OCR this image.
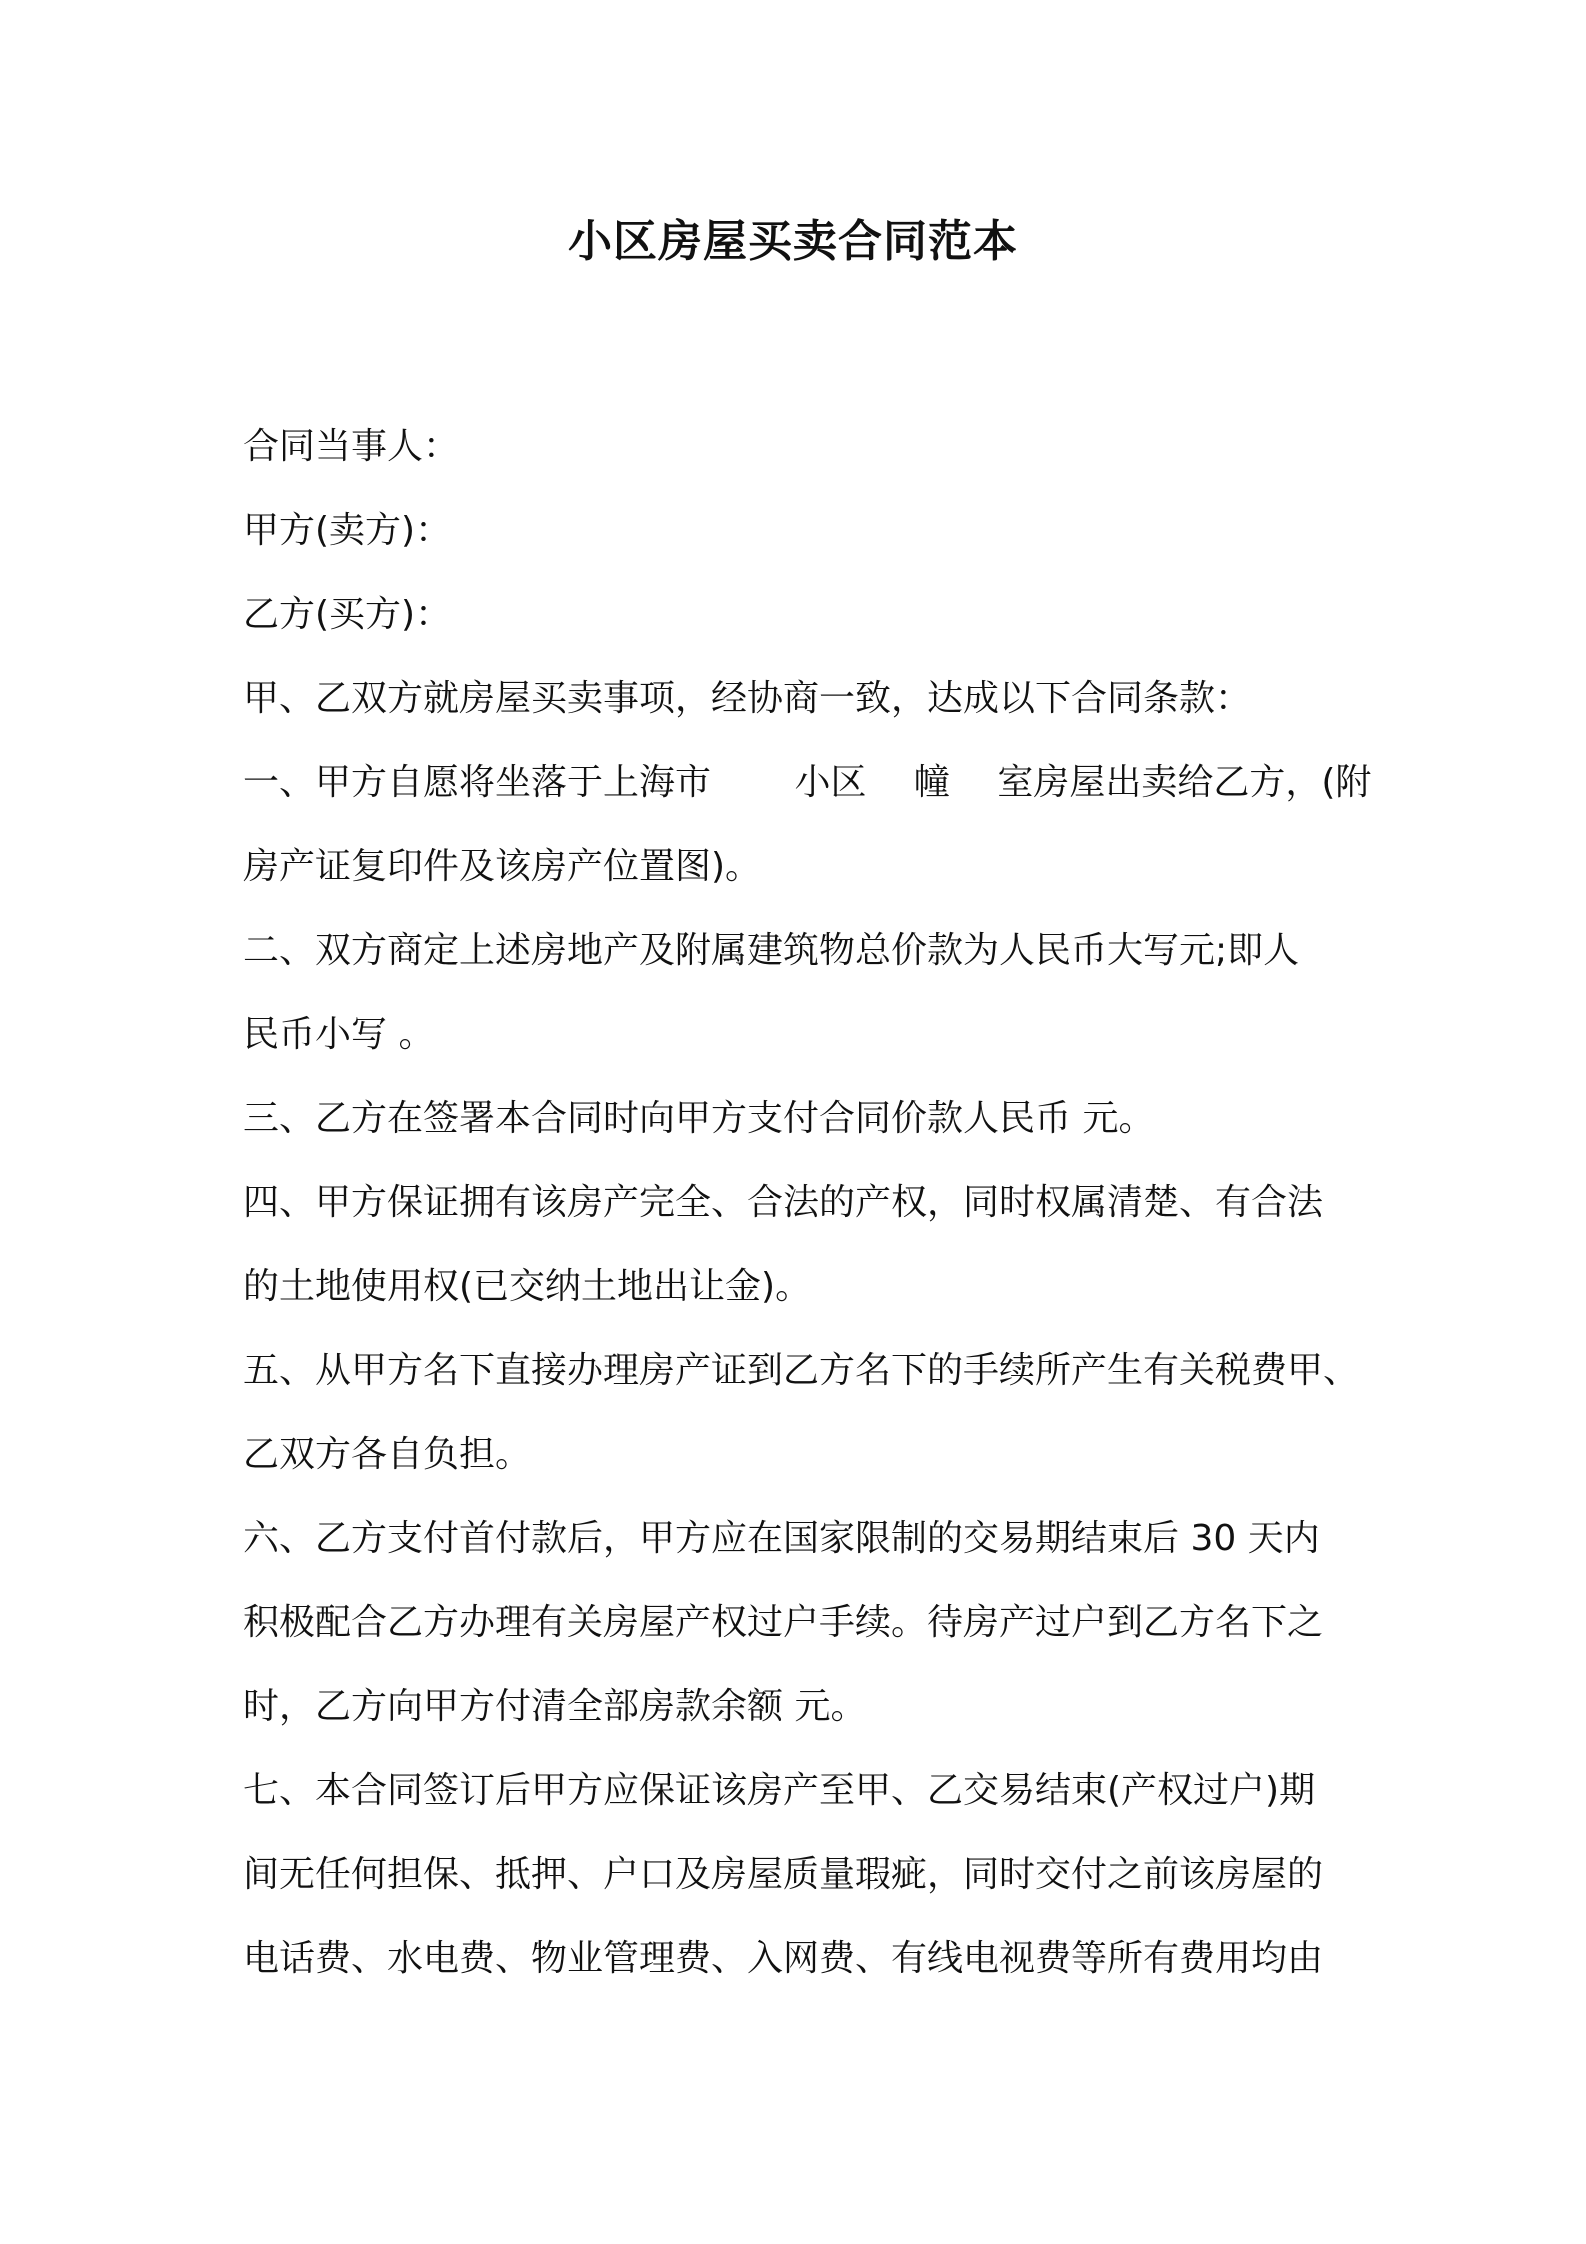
小区房屋买卖合同范本
合同当事人：
甲方(卖方)：
乙方(买方)：
甲、乙双方就房屋买卖事项，经协商一致，达成以下合同条款：
一、甲方自愿将坐落于上海市　　 小区　 幢　 室房屋出卖给乙方，(附
房产证复印件及该房产位置图)。
二、双方商定上述房地产及附属建筑物总价款为人民币大写元;即人
民币小写 。
三、乙方在签署本合同时向甲方支付合同价款人民币 元。
四、甲方保证拥有该房产完全、合法的产权，同时权属清楚、有合法
的土地使用权(已交纳土地出让金)。
五、从甲方名下直接办理房产证到乙方名下的手续所产生有关税费甲、
乙双方各自负担。
六、乙方支付首付款后，甲方应在国家限制的交易期结束后 30 天内
积极配合乙方办理有关房屋产权过户手续。待房产过户到乙方名下之
时，乙方向甲方付清全部房款余额 元。
七、本合同签订后甲方应保证该房产至甲、乙交易结束(产权过户)期
间无任何担保、抵押、户口及房屋质量瑕疵，同时交付之前该房屋的
电话费、水电费、物业管理费、入网费、有线电视费等所有费用均由
